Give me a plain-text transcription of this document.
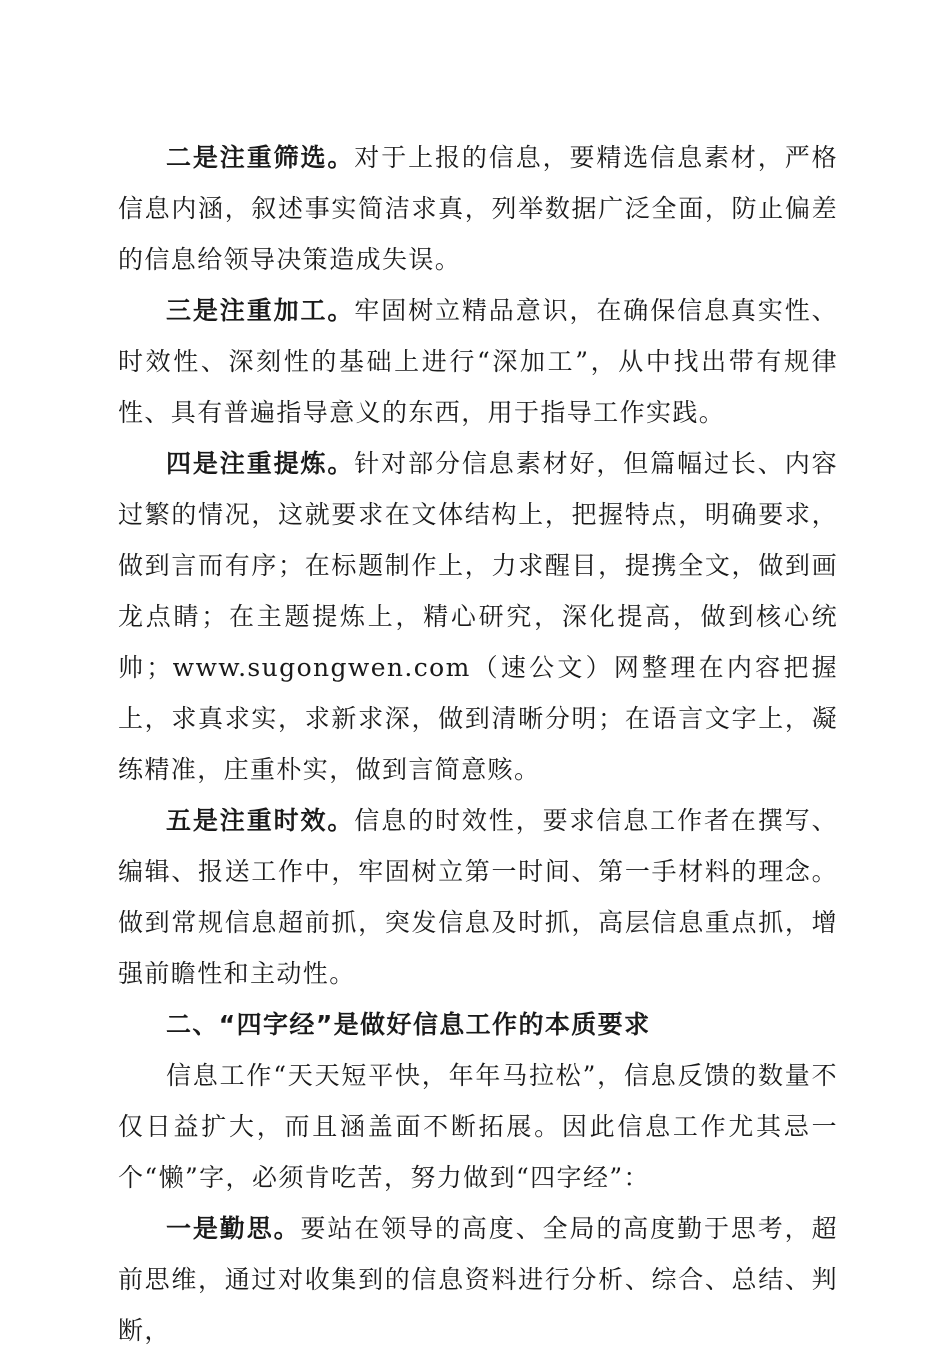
二是注重筛选。对于上报的信息，要精选信息素材，严格信息内涵，叙述事实简洁求真，列举数据广泛全面，防止偏差的信息给领导决策造成失误。

三是注重加工。牢固树立精品意识，在确保信息真实性、时效性、深刻性的基础上进行“深加工”，从中找出带有规律性、具有普遍指导意义的东西，用于指导工作实践。

四是注重提炼。针对部分信息素材好，但篇幅过长、内容过繁的情况，这就要求在文体结构上，把握特点，明确要求，做到言而有序；在标题制作上，力求醒目，提携全文，做到画龙点睛；在主题提炼上，精心研究，深化提高，做到核心统帅；www.sugongwen.com（速公文）网整理在内容把握上，求真求实，求新求深，做到清晰分明；在语言文字上，凝练精准，庄重朴实，做到言简意赅。

五是注重时效。信息的时效性，要求信息工作者在撰写、编辑、报送工作中，牢固树立第一时间、第一手材料的理念。做到常规信息超前抓，突发信息及时抓，高层信息重点抓，增强前瞻性和主动性。

二、“四字经”是做好信息工作的本质要求

信息工作“天天短平快，年年马拉松”，信息反馈的数量不仅日益扩大，而且涵盖面不断拓展。因此信息工作尤其忌一个“懒”字，必须肯吃苦，努力做到“四字经”：

一是勤思。要站在领导的高度、全局的高度勤于思考，超前思维，通过对收集到的信息资料进行分析、综合、总结、判断，
